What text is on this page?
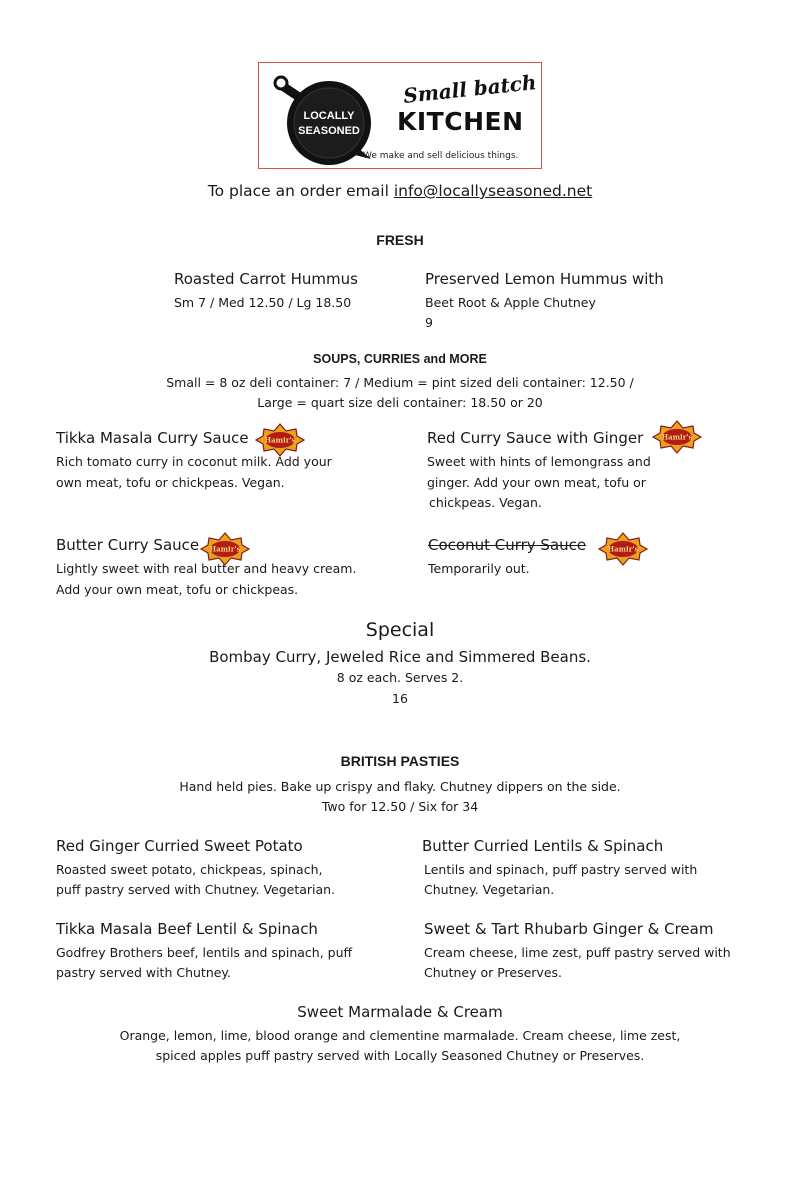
LOCALLY
SEASONED
Small batch
KITCHEN
We make and sell delicious things.
To place an order email info@locallyseasoned.net
FRESH
Roasted Carrot Hummus
Sm 7 / Med 12.50 / Lg 18.50
Preserved Lemon Hummus with
Beet Root & Apple Chutney
9
SOUPS, CURRIES and MORE
Small = 8 oz deli container: 7 / Medium = pint sized deli container: 12.50 /
Large = quart size deli container: 18.50 or 20
Tikka Masala Curry Sauce Hamir's
Rich tomato curry in coconut milk. Add your
own meat, tofu or chickpeas. Vegan.
Red Curry Sauce with Ginger	Hamir's
Sweet with hints of lemongrass and
ginger. Add your own meat, tofu or
chickpeas. Vegan.
Butter Curry Sauce Hamir's
Lightly sweet with real butter and heavy cream.
Add your own meat, tofu or chickpeas.
Coconut Curry Sauce	Hamir's
Temporarily out.
Special
Bombay Curry, Jeweled Rice and Simmered Beans.
8 oz each. Serves 2.
16
BRITISH PASTIES
Hand held pies. Bake up crispy and flaky. Chutney dippers on the side.
Two for 12.50 / Six for 34
Red Ginger Curried Sweet Potato
Roasted sweet potato, chickpeas, spinach,
puff pastry served with Chutney. Vegetarian.
Butter Curried Lentils & Spinach
Lentils and spinach, puff pastry served with
Chutney. Vegetarian.
Tikka Masala Beef Lentil & Spinach
Godfrey Brothers beef, lentils and spinach, puff
pastry served with Chutney.
Sweet & Tart Rhubarb Ginger & Cream
Cream cheese, lime zest, puff pastry served with
Chutney or Preserves.
Sweet Marmalade & Cream
Orange, lemon, lime, blood orange and clementine marmalade. Cream cheese, lime zest,
spiced apples puff pastry served with Locally Seasoned Chutney or Preserves.
